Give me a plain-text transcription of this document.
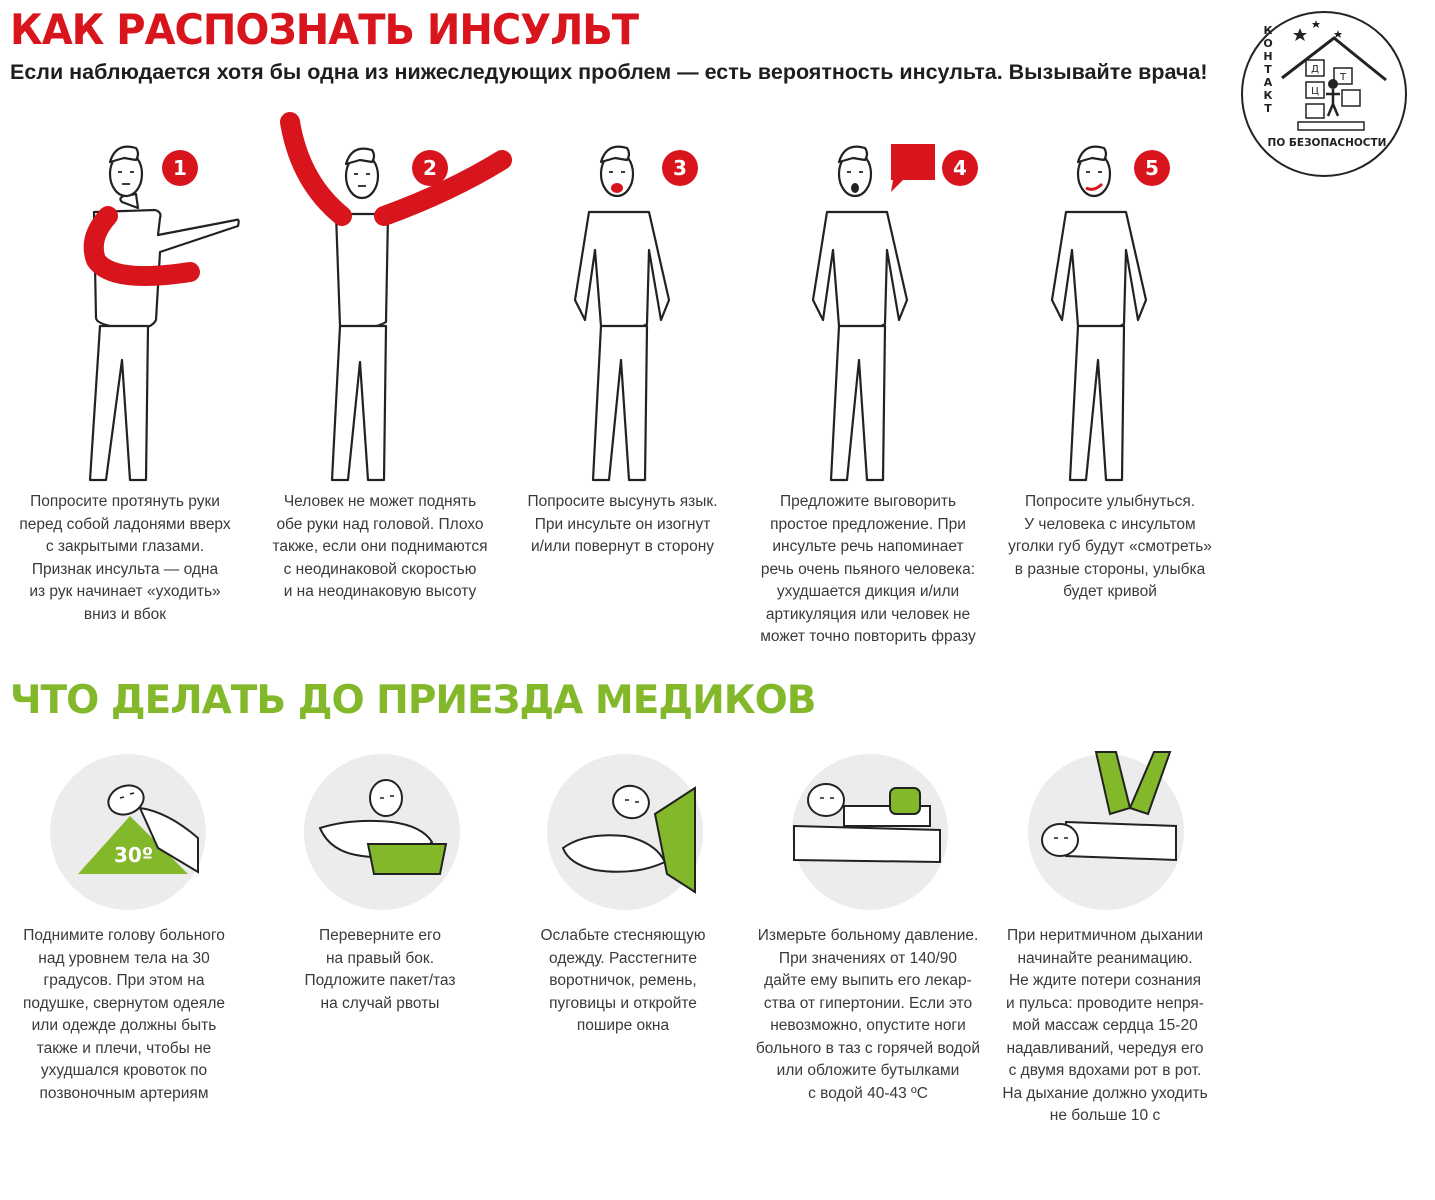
КАК РАСПОЗНАТЬ ИНСУЛЬТ
Если наблюдается хотя бы одна из нижеследующих проблем — есть вероятность инсульта. Вызывайте врача!
К
О
Н
Т
А
К
Т
Д
Т
Ц
ПО БЕЗОПАСНОСТИ
1	2	3	4	5
Попросите протянуть руки
перед собой ладонями вверх
с закрытыми глазами.
Признак инсульта — одна
из рук начинает «уходить»
вниз и вбок
Человек не может поднять
обе руки над головой. Плохо
также, если они поднимаются
с неодинаковой скоростью
и на неодинаковую высоту
Попросите высунуть язык.
При инсульте он изогнут
и/или повернут в сторону
Предложите выговорить
простое предложение. При
инсульте речь напоминает
речь очень пьяного человека:
ухудшается дикция и/или
артикуляция или человек не
может точно повторить фразу
Попросите улыбнуться.
У человека с инсультом
уголки губ будут «смотреть»
в разные стороны, улыбка
будет кривой
ЧТО ДЕЛАТЬ ДО ПРИЕЗДА МЕДИКОВ
30º
Поднимите голову больного
над уровнем тела на 30
градусов. При этом на
подушке, свернутом одеяле
или одежде должны быть
также и плечи, чтобы не
ухудшался кровоток по
позвоночным артериям
Переверните его
на правый бок.
Подложите пакет/таз
на случай рвоты
Ослабьте стесняющую
одежду. Расстегните
воротничок, ремень,
пуговицы и откройте
пошире окна
Измерьте больному давление.
При значениях от 140/90
дайте ему выпить его лекар-
ства от гипертонии. Если это
невозможно, опустите ноги
больного в таз с горячей водой
или обложите бутылками
с водой 40-43 ºС
При неритмичном дыхании
начинайте реанимацию.
Не ждите потери сознания
и пульса: проводите непря-
мой массаж сердца 15-20
надавливаний, чередуя его
с двумя вдохами рот в рот.
На дыхание должно уходить
не больше 10 с
